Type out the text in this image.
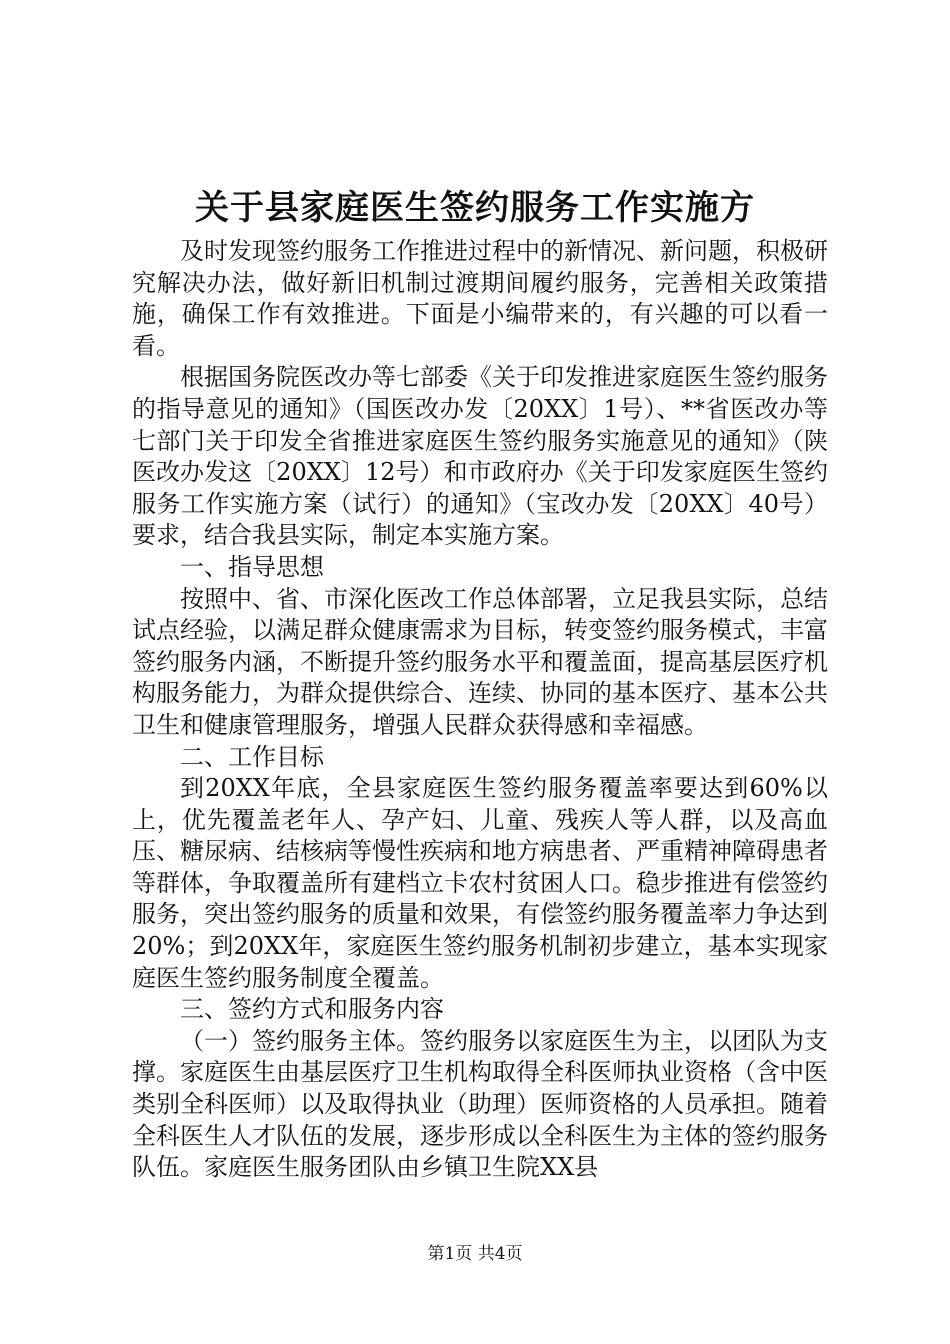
关于县家庭医生签约服务工作实施方

及时发现签约服务工作推进过程中的新情况、新问题，积极研究解决办法，做好新旧机制过渡期间履约服务，完善相关政策措施，确保工作有效推进。下面是小编带来的，有兴趣的可以看一看。

根据国务院医改办等七部委《关于印发推进家庭医生签约服务的指导意见的通知》（国医改办发〔20XX〕1号）、**省医改办等七部门关于印发全省推进家庭医生签约服务实施意见的通知》（陕医改办发这〔20XX〕12号）和市政府办《关于印发家庭医生签约服务工作实施方案（试行）的通知》（宝改办发〔20XX〕40号）要求，结合我县实际，制定本实施方案。

一、指导思想

按照中、省、市深化医改工作总体部署，立足我县实际，总结试点经验，以满足群众健康需求为目标，转变签约服务模式，丰富签约服务内涵，不断提升签约服务水平和覆盖面，提高基层医疗机构服务能力，为群众提供综合、连续、协同的基本医疗、基本公共卫生和健康管理服务，增强人民群众获得感和幸福感。

二、工作目标

到20XX年底，全县家庭医生签约服务覆盖率要达到60%以上，优先覆盖老年人、孕产妇、儿童、残疾人等人群，以及高血压、糖尿病、结核病等慢性疾病和地方病患者、严重精神障碍患者等群体，争取覆盖所有建档立卡农村贫困人口。稳步推进有偿签约服务，突出签约服务的质量和效果，有偿签约服务覆盖率力争达到20%；到20XX年，家庭医生签约服务机制初步建立，基本实现家庭医生签约服务制度全覆盖。

三、签约方式和服务内容

（一）签约服务主体。签约服务以家庭医生为主，以团队为支撑。家庭医生由基层医疗卫生机构取得全科医师执业资格（含中医类别全科医师）以及取得执业（助理）医师资格的人员承担。随着全科医生人才队伍的发展，逐步形成以全科医生为主体的签约服务队伍。家庭医生服务团队由乡镇卫生院XX县

第1页 共4页
